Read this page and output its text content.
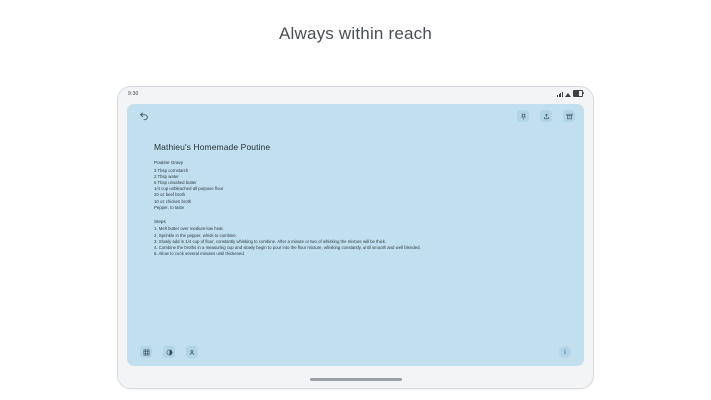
Always within reach
9:30
Mathieu's Homemade Poutine
Poutine Gravy
3 Tbsp cornstarch
2 Tbsp water
6 Tbsp unsalted butter
1/4 cup unbleached all purpose flour
20 oz beef broth
10 oz chicken broth
Pepper, to taste
Steps
1. Melt butter over medium-low heat.
2. Sprinkle in the pepper, whisk to combine.
3. Slowly add in 1/4 cup of flour, constantly whisking to combine. After a minute or two of whisking the mixture will be thick.
4. Combine the broths in a measuring cup and slowly begin to pour into the flour mixture, whisking constantly, until smooth and well blended.
5. Allow to cook several minutes until thickened.
i
